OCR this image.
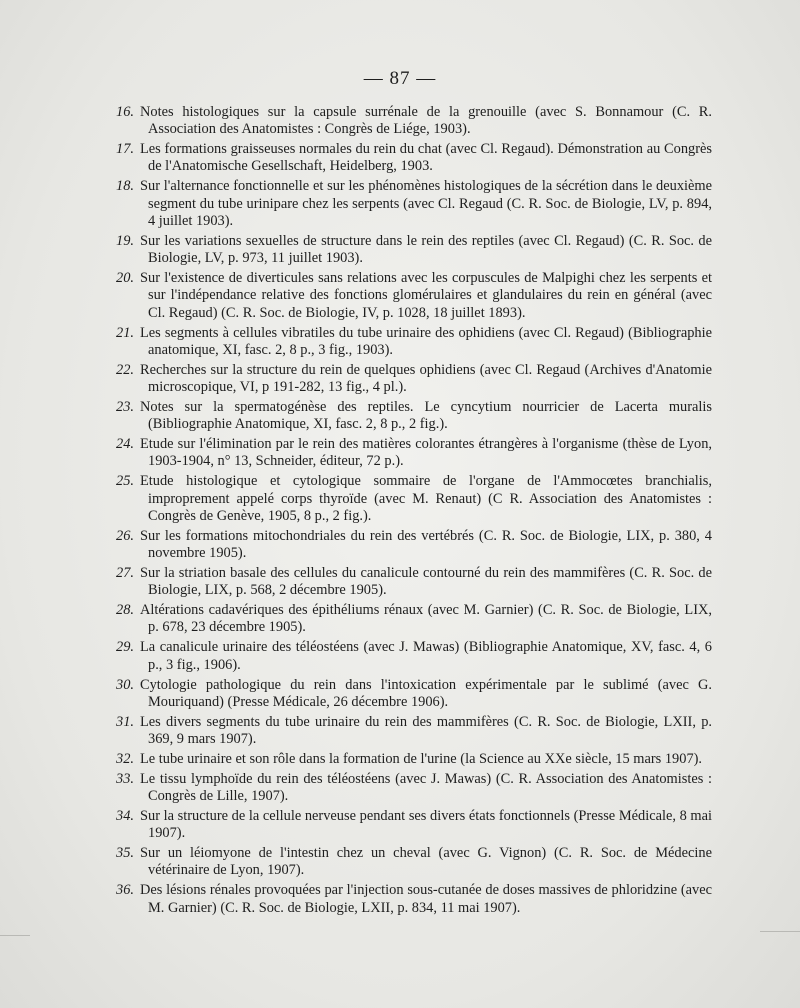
— 87 —
16. Notes histologiques sur la capsule surrénale de la grenouille (avec S. Bonnamour (C. R. Association des Anatomistes : Congrès de Liége, 1903).
17. Les formations graisseuses normales du rein du chat (avec Cl. Regaud). Démonstration au Congrès de l'Anatomische Gesellschaft, Heidelberg, 1903.
18. Sur l'alternance fonctionnelle et sur les phénomènes histologiques de la sécrétion dans le deuxième segment du tube urinipare chez les serpents (avec Cl. Regaud (C. R. Soc. de Biologie, LV, p. 894, 4 juillet 1903).
19. Sur les variations sexuelles de structure dans le rein des reptiles (avec Cl. Regaud) (C. R. Soc. de Biologie, LV, p. 973, 11 juillet 1903).
20. Sur l'existence de diverticules sans relations avec les corpuscules de Malpighi chez les serpents et sur l'indépendance relative des fonctions glomérulaires et glandulaires du rein en général (avec Cl. Regaud) (C. R. Soc. de Biologie, IV, p. 1028, 18 juillet 1893).
21. Les segments à cellules vibratiles du tube urinaire des ophidiens (avec Cl. Regaud) (Bibliographie anatomique, XI, fasc. 2, 8 p., 3 fig., 1903).
22. Recherches sur la structure du rein de quelques ophidiens (avec Cl. Regaud (Archives d'Anatomie microscopique, VI, p 191-282, 13 fig., 4 pl.).
23. Notes sur la spermatogénèse des reptiles. Le cyncytium nourricier de Lacerta muralis (Bibliographie Anatomique, XI, fasc. 2, 8 p., 2 fig.).
24. Etude sur l'élimination par le rein des matières colorantes étrangères à l'organisme (thèse de Lyon, 1903-1904, n° 13, Schneider, éditeur, 72 p.).
25. Etude histologique et cytologique sommaire de l'organe de l'Ammocœtes branchialis, improprement appelé corps thyroïde (avec M. Renaut) (C R. Association des Anatomistes : Congrès de Genève, 1905, 8 p., 2 fig.).
26. Sur les formations mitochondriales du rein des vertébrés (C. R. Soc. de Biologie, LIX, p. 380, 4 novembre 1905).
27. Sur la striation basale des cellules du canalicule contourné du rein des mammifères (C. R. Soc. de Biologie, LIX, p. 568, 2 décembre 1905).
28. Altérations cadavériques des épithéliums rénaux (avec M. Garnier) (C. R. Soc. de Biologie, LIX, p. 678, 23 décembre 1905).
29. La canalicule urinaire des téléostéens (avec J. Mawas) (Bibliographie Anatomique, XV, fasc. 4, 6 p., 3 fig., 1906).
30. Cytologie pathologique du rein dans l'intoxication expérimentale par le sublimé (avec G. Mouriquand) (Presse Médicale, 26 décembre 1906).
31. Les divers segments du tube urinaire du rein des mammifères (C. R. Soc. de Biologie, LXII, p. 369, 9 mars 1907).
32. Le tube urinaire et son rôle dans la formation de l'urine (la Science au XXe siècle, 15 mars 1907).
33. Le tissu lymphoïde du rein des téléostéens (avec J. Mawas) (C. R. Association des Anatomistes : Congrès de Lille, 1907).
34. Sur la structure de la cellule nerveuse pendant ses divers états fonctionnels (Presse Médicale, 8 mai 1907).
35. Sur un léiomyone de l'intestin chez un cheval (avec G. Vignon) (C. R. Soc. de Médecine vétérinaire de Lyon, 1907).
36. Des lésions rénales provoquées par l'injection sous-cutanée de doses massives de phloridzine (avec M. Garnier) (C. R. Soc. de Biologie, LXII, p. 834, 11 mai 1907).
